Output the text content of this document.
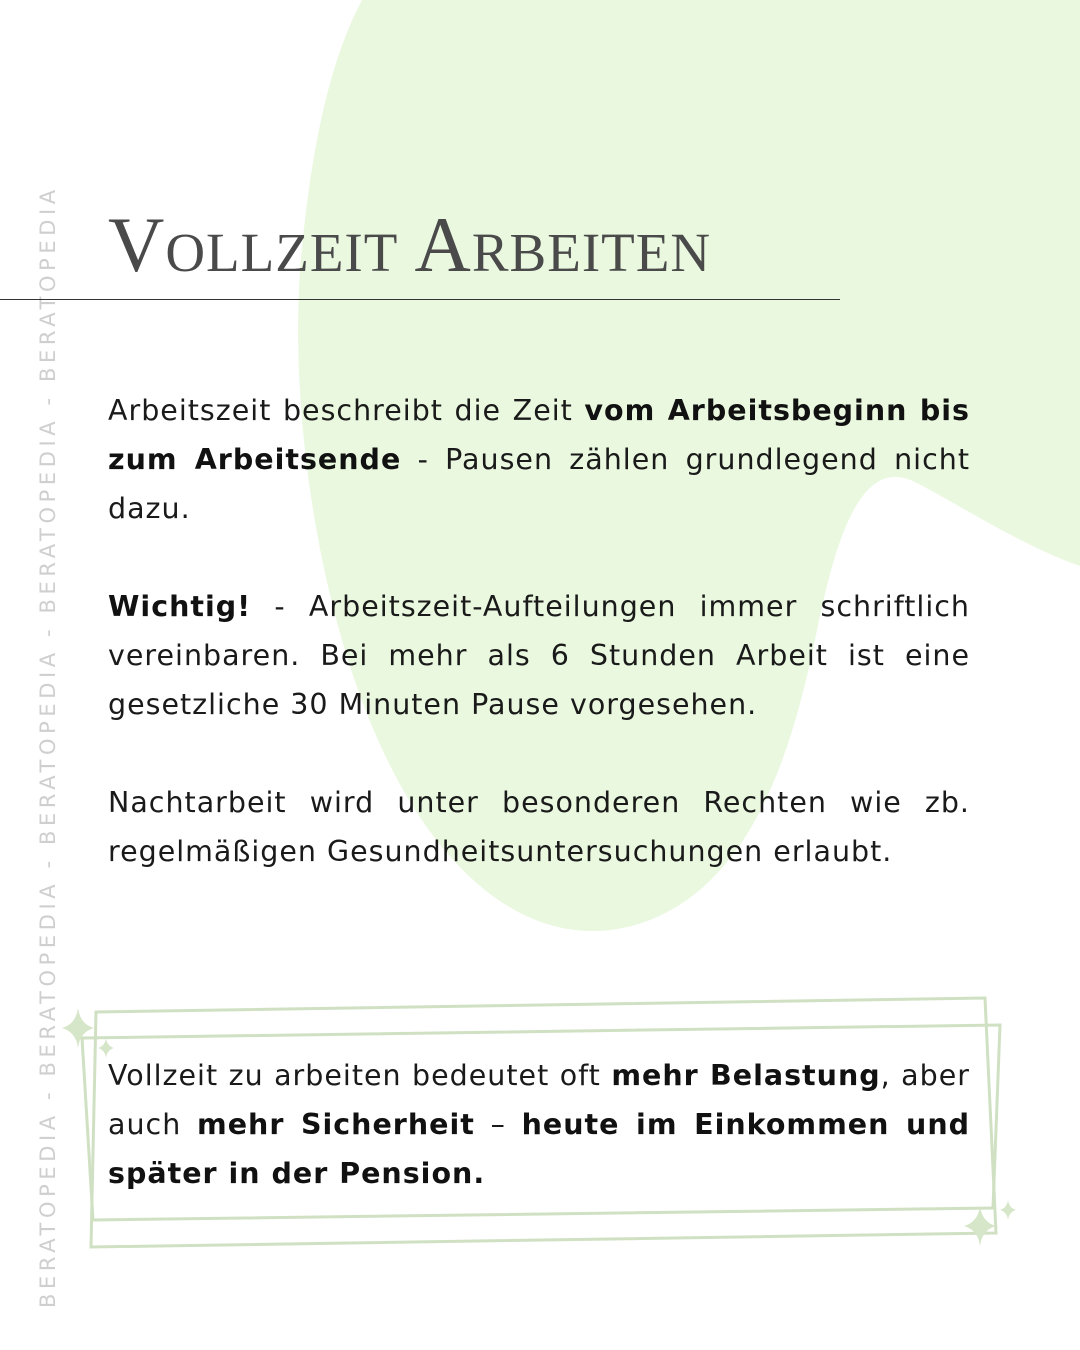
BERATOPEDIA - BERATOPEDIA - BERATOPEDIA - BERATOPEDIA - BERATOPEDIA Vollzeit Arbeiten

Arbeitszeit beschreibt die Zeit vom Arbeitsbeginn bis zum Arbeitsende - Pausen zählen grundlegend nicht dazu.

Wichtig! - Arbeitszeit-Aufteilungen immer schriftlich vereinbaren. Bei mehr als 6 Stunden Arbeit ist eine gesetzliche 30 Minuten Pause vorgesehen.

Nachtarbeit wird unter besonderen Rechten wie zb. regelmäßigen Gesundheitsuntersuchungen erlaubt.

Vollzeit zu arbeiten bedeutet oft mehr Belastung, aber auch mehr Sicherheit – heute im Einkommen und später in der Pension.
